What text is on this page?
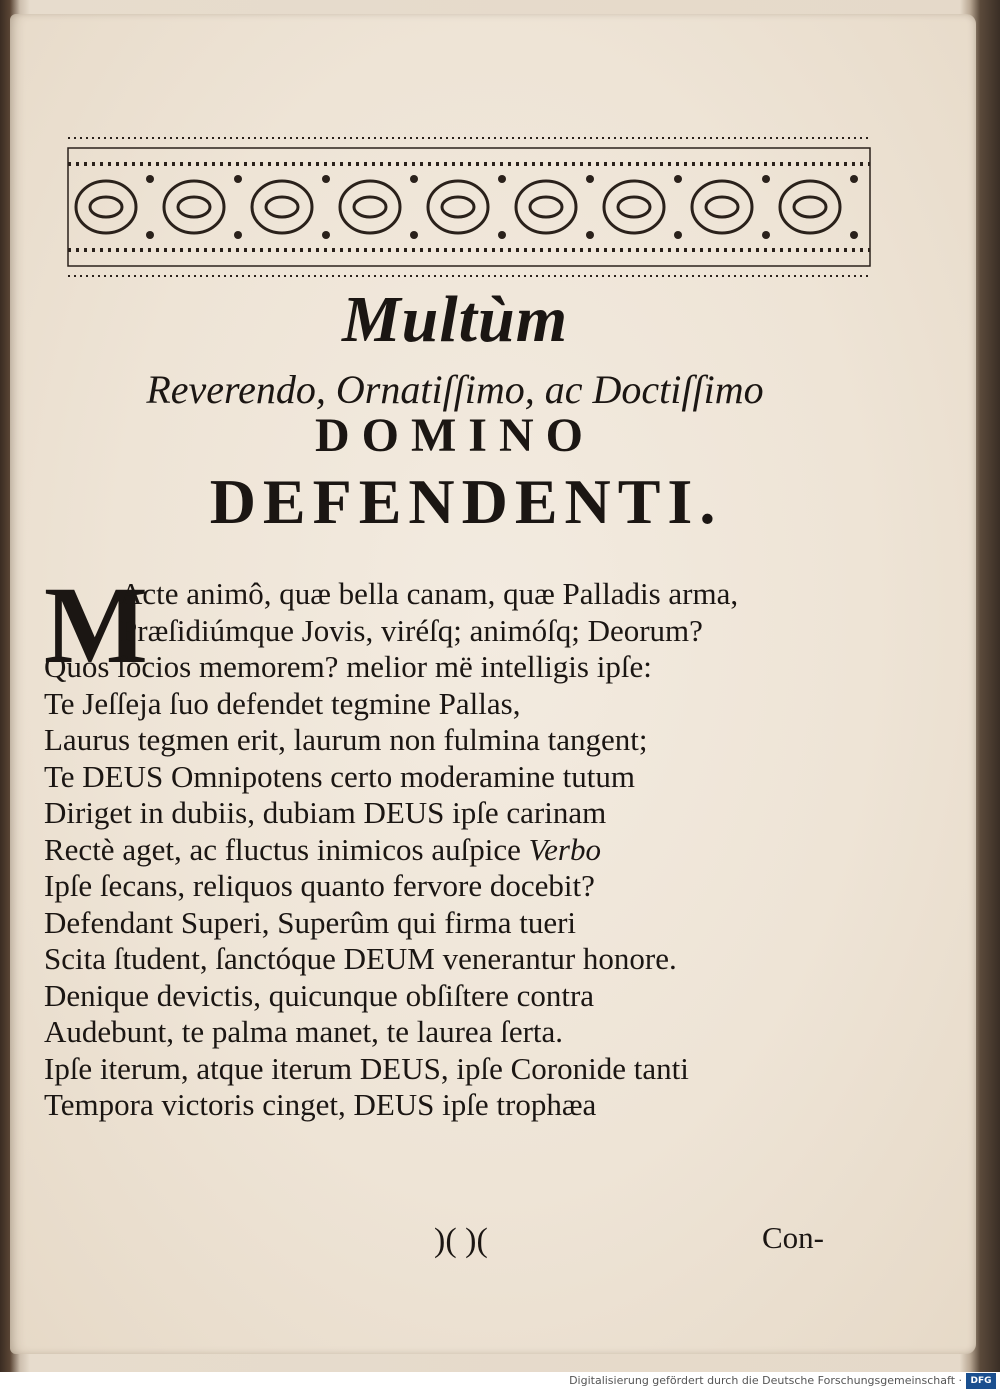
Multùm
Reverendo, Ornatiſſimo, ac Doctiſſimo
DOMINO
DEFENDENTI.
M
Acte animô, quæ bella canam, quæ Palladis arma,
Præſidiúmque Jovis, viréſq; animóſq; Deorum?
Quos ſocios memorem? melior më intelligis ipſe:
Te Jeſſeja ſuo defendet tegmine Pallas,
Laurus tegmen erit, laurum non fulmina tangent;
Te DEUS Omnipotens certo moderamine tutum
Diriget in dubiis, dubiam DEUS ipſe carinam
Rectè aget, ac fluctus inimicos auſpice Verbo
Ipſe ſecans, reliquos quanto fervore docebit?
Defendant Superi, Superûm qui firma tueri
Scita ſtudent, ſanctóque DEUM venerantur honore.
Denique devictis, quicunque obſiſtere contra
Audebunt, te palma manet, te laurea ſerta.
Ipſe iterum, atque iterum DEUS, ipſe Coronide tanti
Tempora victoris cinget, DEUS ipſe trophæa
)( )(	Con-
Digitalisierung gefördert durch die Deutsche Forschungsgemeinschaft · DFG
